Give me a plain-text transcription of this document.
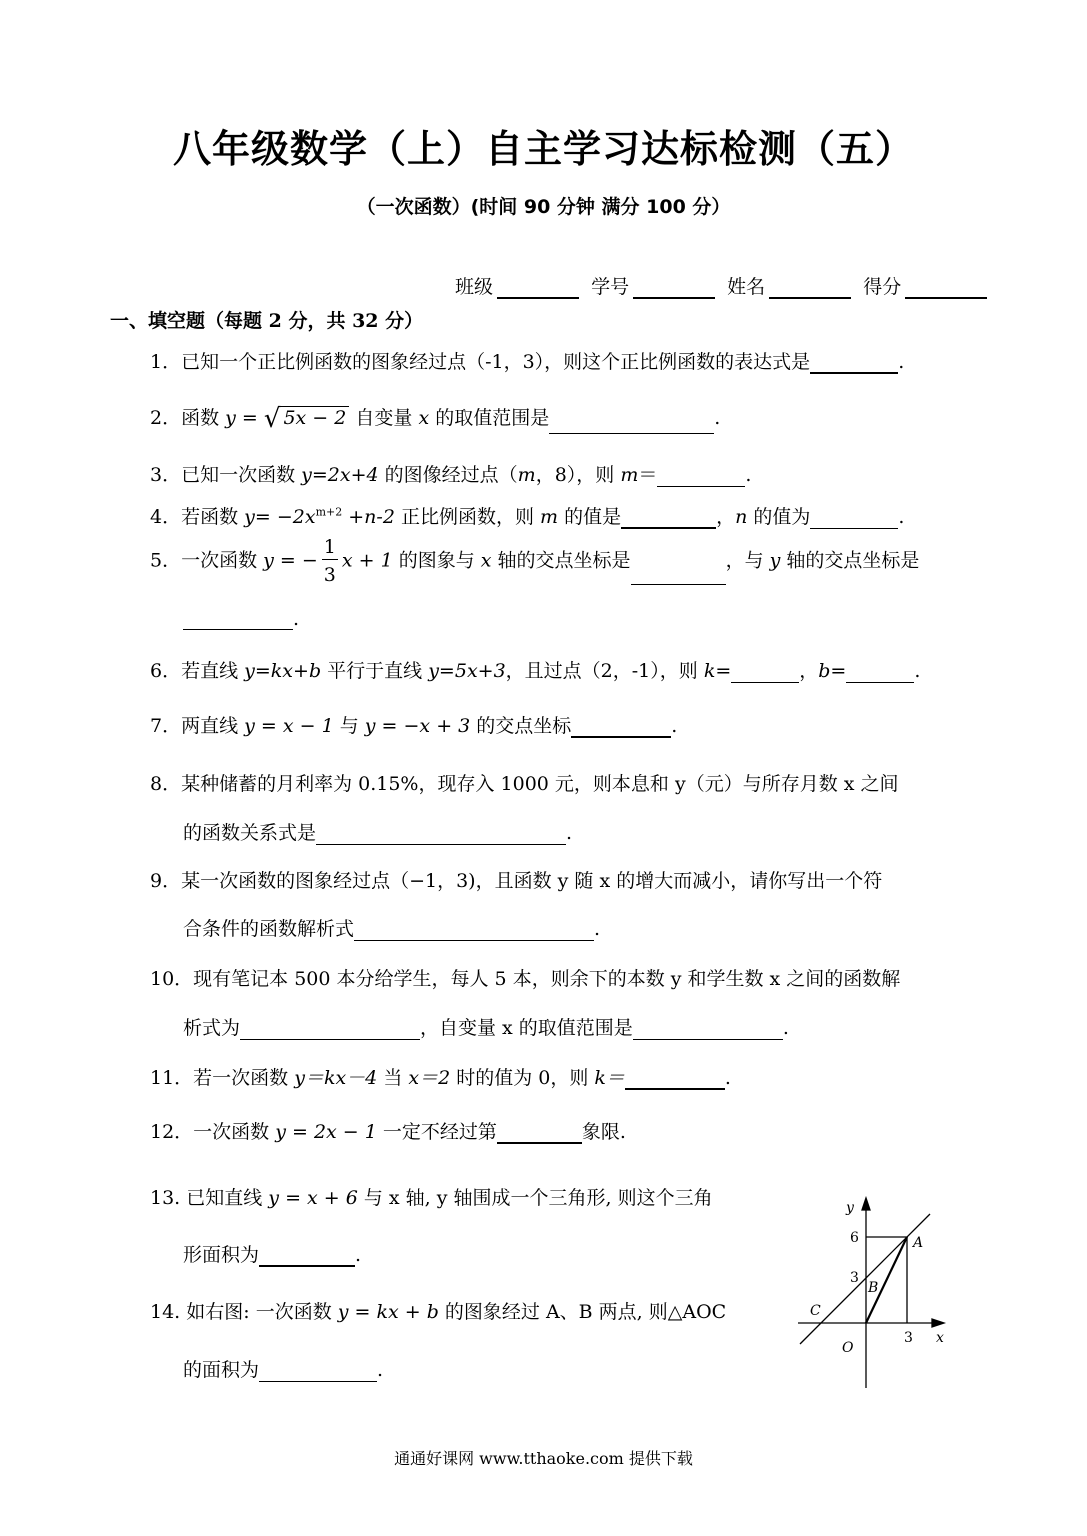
八年级数学（上）自主学习达标检测（五）
（一次函数）(时间 90 分钟 满分 100 分）
班级	学号	姓名	得分
一、填空题（每题 2 分，共 32 分）
1．已知一个正比例函数的图象经过点（-1，3），则这个正比例函数的表达式是	.
2．函数 y = √ 5x − 2 自变量 x 的取值范围是	.
3．已知一次函数 y=2x+4 的图像经过点（m，8），则 m＝	.
4．若函数 $y= -2x^{m+2} +n-2$ 正比例函数，则 m 的值是	，n 的值为	.
5．一次函数 y = − $\frac{1}{3}$ x + 1 的图象与 x 轴的交点坐标是	，与 y 轴的交点坐标是
.
6．若直线 y=kx+b 平行于直线 y=5x+3，且过点（2，-1），则 k=	，b=	.
7．两直线 y = x − 1 与 y = −x + 3 的交点坐标	.
8．某种储蓄的月利率为 0.15%，现存入 1000 元，则本息和 y（元）与所存月数 x 之间
的函数关系式是	.
9．某一次函数的图象经过点（−1，3)，且函数 y 随 x 的增大而减小，请你写出一个符
合条件的函数解析式	.
10．现有笔记本 500 本分给学生，每人 5 本，则余下的本数 y 和学生数 x 之间的函数解
析式为	，自变量 x 的取值范围是	.
11．若一次函数 y＝kx－4 当 x＝2 时的值为 0，则 k＝	.
12．一次函数 y = 2x − 1 一定不经过第	象限.
13. 已知直线 y = x + 6 与 x 轴, y 轴围成一个三角形, 则这个三角
形面积为	.
14. 如右图: 一次函数 y = kx + b 的图象经过 A、B 两点, 则△AOC
的面积为	.
y
x
6
3
3
A
B
C
O
通通好课网 www.tthaoke.com 提供下载
